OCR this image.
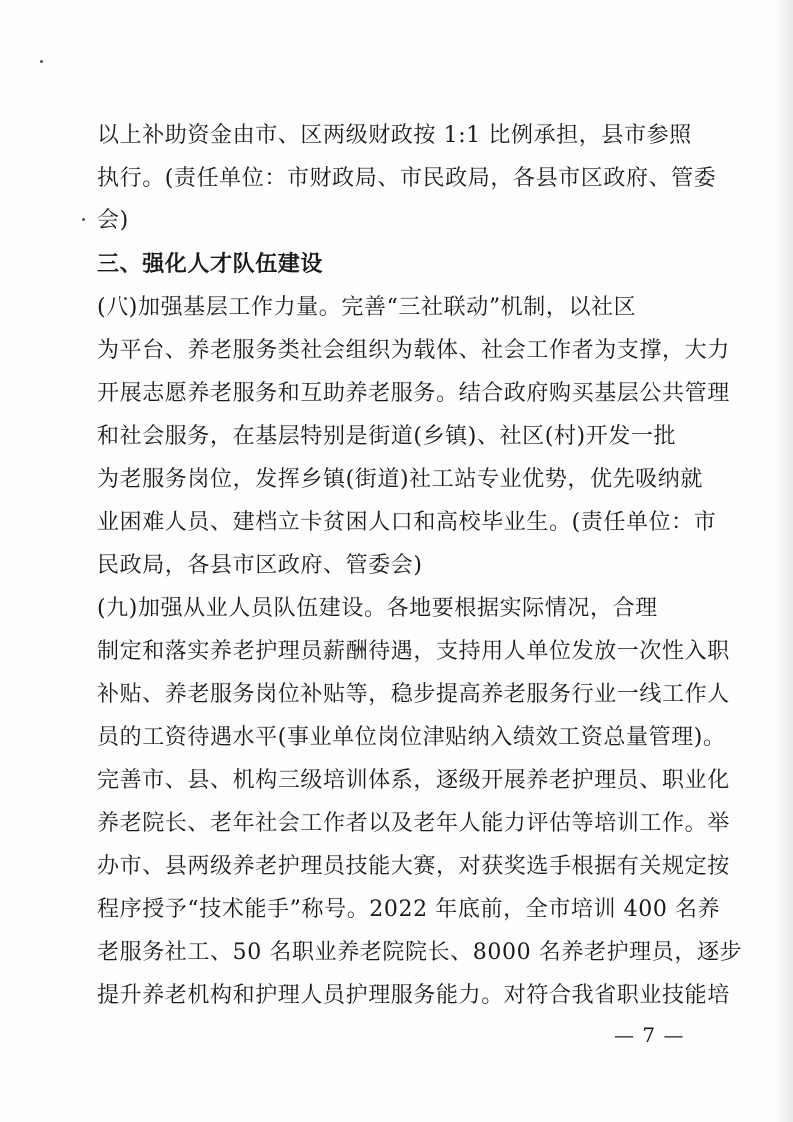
以上补助资金由市、区两级财政按 1:1 比例承担，县市参照
执行。(责任单位：市财政局、市民政局，各县市区政府、管委
会)
三、强化人才队伍建设
(八)加强基层工作力量。完善“三社联动”机制，以社区
为平台、养老服务类社会组织为载体、社会工作者为支撑，大力
开展志愿养老服务和互助养老服务。结合政府购买基层公共管理
和社会服务，在基层特别是街道(乡镇)、社区(村)开发一批
为老服务岗位，发挥乡镇(街道)社工站专业优势，优先吸纳就
业困难人员、建档立卡贫困人口和高校毕业生。(责任单位：市
民政局，各县市区政府、管委会)
(九)加强从业人员队伍建设。各地要根据实际情况，合理
制定和落实养老护理员薪酬待遇，支持用人单位发放一次性入职
补贴、养老服务岗位补贴等，稳步提高养老服务行业一线工作人
员的工资待遇水平(事业单位岗位津贴纳入绩效工资总量管理)。
完善市、县、机构三级培训体系，逐级开展养老护理员、职业化
养老院长、老年社会工作者以及老年人能力评估等培训工作。举
办市、县两级养老护理员技能大赛，对获奖选手根据有关规定按
程序授予“技术能手”称号。2022 年底前，全市培训 400 名养
老服务社工、50 名职业养老院院长、8000 名养老护理员，逐步
提升养老机构和护理人员护理服务能力。对符合我省职业技能培
— 7 —
